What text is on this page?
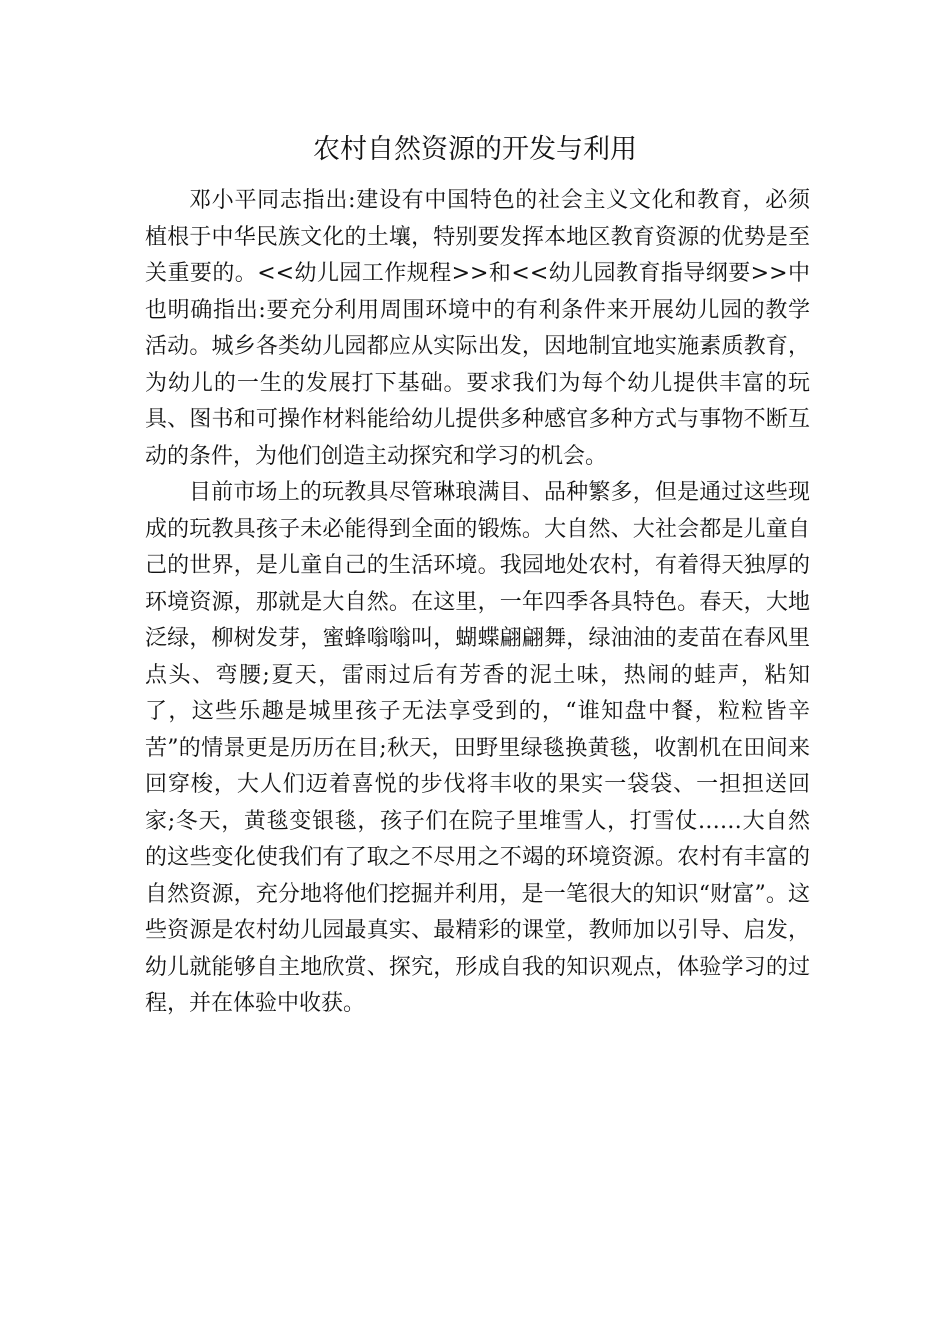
农村自然资源的开发与利用

邓小平同志指出:建设有中国特色的社会主义文化和教育，必须植根于中华民族文化的土壤，特别要发挥本地区教育资源的优势是至关重要的。<<幼儿园工作规程>>和<<幼儿园教育指导纲要>>中也明确指出:要充分利用周围环境中的有利条件来开展幼儿园的教学活动。城乡各类幼儿园都应从实际出发，因地制宜地实施素质教育，为幼儿的一生的发展打下基础。要求我们为每个幼儿提供丰富的玩具、图书和可操作材料能给幼儿提供多种感官多种方式与事物不断互动的条件，为他们创造主动探究和学习的机会。

目前市场上的玩教具尽管琳琅满目、品种繁多，但是通过这些现成的玩教具孩子未必能得到全面的锻炼。大自然、大社会都是儿童自己的世界，是儿童自己的生活环境。我园地处农村，有着得天独厚的环境资源，那就是大自然。在这里，一年四季各具特色。春天，大地泛绿，柳树发芽，蜜蜂嗡嗡叫，蝴蝶翩翩舞，绿油油的麦苗在春风里点头、弯腰;夏天，雷雨过后有芳香的泥土味，热闹的蛙声，粘知了，这些乐趣是城里孩子无法享受到的，“谁知盘中餐，粒粒皆辛苦”的情景更是历历在目;秋天，田野里绿毯换黄毯，收割机在田间来回穿梭，大人们迈着喜悦的步伐将丰收的果实一袋袋、一担担送回家;冬天，黄毯变银毯，孩子们在院子里堆雪人，打雪仗……大自然的这些变化使我们有了取之不尽用之不竭的环境资源。农村有丰富的自然资源，充分地将他们挖掘并利用，是一笔很大的知识“财富”。这些资源是农村幼儿园最真实、最精彩的课堂，教师加以引导、启发，幼儿就能够自主地欣赏、探究，形成自我的知识观点，体验学习的过程，并在体验中收获。
